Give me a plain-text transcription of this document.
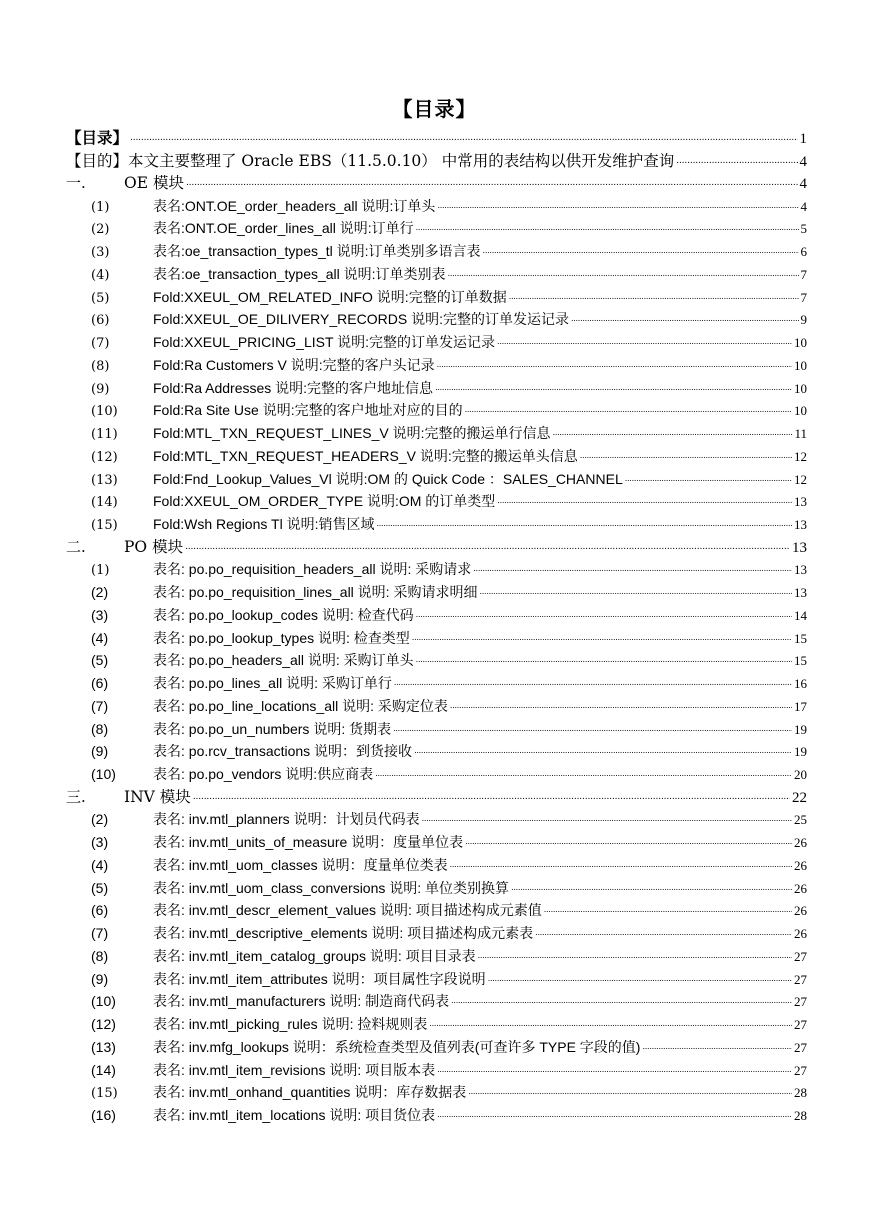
【目录】
【目录】 . . .	1
【目的】本文主要整理了 Oracle EBS（11.5.0.10） 中常用的表结构以供开发维护查询 . . .	4
一.	OE 模块 . . .	4
(1)	表名:ONT.OE_order_headers_all 说明:订单头 . . .	4
(2)	表名:ONT.OE_order_lines_all 说明:订单行 . . .	5
(3)	表名:oe_transaction_types_tl 说明:订单类别多语言表 . . .	6
(4)	表名:oe_transaction_types_all 说明:订单类别表 . . .	7
(5)	Fold:XXEUL_OM_RELATED_INFO 说明:完整的订单数据 . . .	7
(6)	Fold:XXEUL_OE_DILIVERY_RECORDS 说明:完整的订单发运记录 . . .	9
(7)	Fold:XXEUL_PRICING_LIST 说明:完整的订单发运记录 . . .	10
(8)	Fold:Ra Customers V 说明:完整的客户头记录 . . .	10
(9)	Fold:Ra Addresses 说明:完整的客户地址信息 . . .	10
(10)	Fold:Ra Site Use 说明:完整的客户地址对应的目的 . . .	10
(11)	Fold:MTL_TXN_REQUEST_LINES_V 说明:完整的搬运单行信息 . . .	11
(12)	Fold:MTL_TXN_REQUEST_HEADERS_V 说明:完整的搬运单头信息 . . .	12
(13)	Fold:Fnd_Lookup_Values_Vl 说明:OM 的 Quick Code ：SALES_CHANNEL . . .	12
(14)	Fold:XXEUL_OM_ORDER_TYPE 说明:OM 的订单类型 . . .	13
(15)	Fold:Wsh Regions Tl 说明:销售区域 . . .	13
二.	PO 模块 . . .	13
(1)	表名: po.po_requisition_headers_all 说明: 采购请求 . . .	13
(2)	表名: po.po_requisition_lines_all 说明: 采购请求明细 . . .	13
(3)	表名: po.po_lookup_codes 说明: 检查代码 . . .	14
(4)	表名: po.po_lookup_types 说明: 检查类型 . . .	15
(5)	表名: po.po_headers_all 说明: 采购订单头 . . .	15
(6)	表名: po.po_lines_all 说明: 采购订单行 . . .	16
(7)	表名: po.po_line_locations_all 说明: 采购定位表 . . .	17
(8)	表名: po.po_un_numbers 说明: 货期表 . . .	19
(9)	表名: po.rcv_transactions 说明：到货接收 . . .	19
(10)	表名: po.po_vendors 说明:供应商表 . . .	20
三.	INV 模块 . . .	22
(2)	表名: inv.mtl_planners 说明：计划员代码表 . . .	25
(3)	表名: inv.mtl_units_of_measure 说明：度量单位表 . . .	26
(4)	表名: inv.mtl_uom_classes 说明：度量单位类表 . . .	26
(5)	表名: inv.mtl_uom_class_conversions 说明: 单位类别换算 . . .	26
(6)	表名: inv.mtl_descr_element_values 说明: 项目描述构成元素值 . . .	26
(7)	表名: inv.mtl_descriptive_elements 说明: 项目描述构成元素表 . . .	26
(8)	表名: inv.mtl_item_catalog_groups 说明: 项目目录表 . . .	27
(9)	表名: inv.mtl_item_attributes 说明：项目属性字段说明 . . .	27
(10)	表名: inv.mtl_manufacturers 说明: 制造商代码表 . . .	27
(12)	表名: inv.mtl_picking_rules 说明: 捡料规则表 . . .	27
(13)	表名: inv.mfg_lookups 说明：系统检查类型及值列表(可查许多 TYPE 字段的值) . . .	27
(14)	表名: inv.mtl_item_revisions 说明: 项目版本表 . . .	27
(15)	表名: inv.mtl_onhand_quantities 说明：库存数据表 . . .	28
(16)	表名: inv.mtl_item_locations 说明: 项目货位表 . . .	28
